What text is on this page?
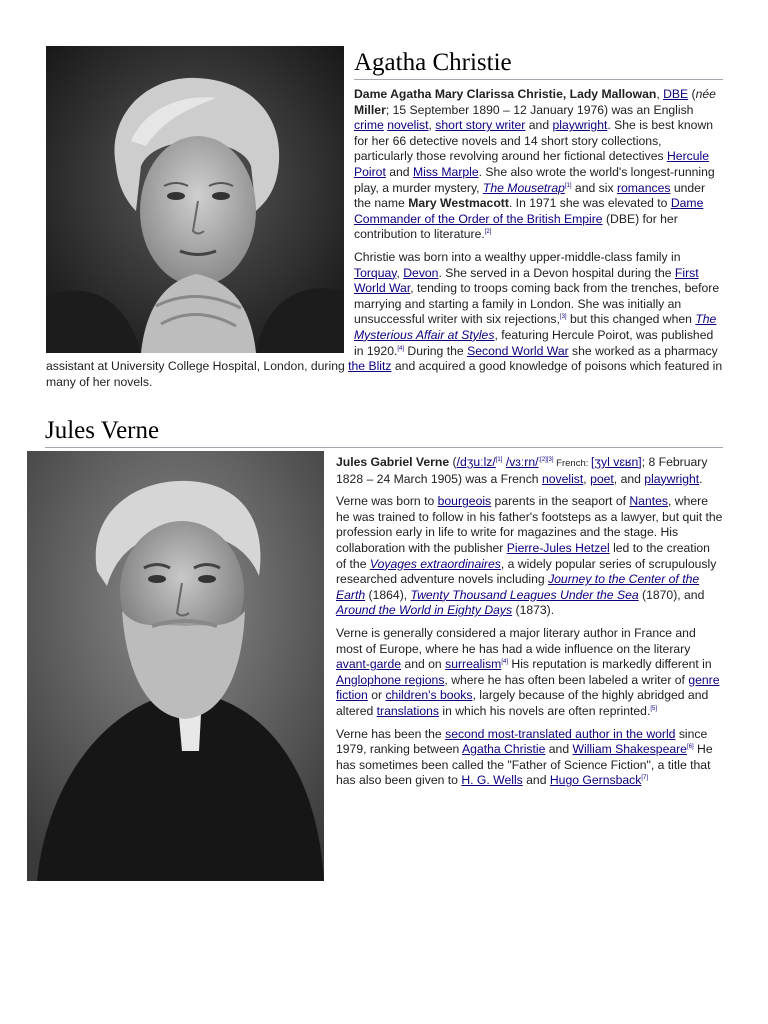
Agatha Christie

Dame Agatha Mary Clarissa Christie, Lady Mallowan, DBE (née Miller; 15 September 1890 – 12 January 1976) was an English crime novelist, short story writer and playwright. She is best known for her 66 detective novels and 14 short story collections, particularly those revolving around her fictional detectives Hercule Poirot and Miss Marple. She also wrote the world's longest-running play, a murder mystery, The Mousetrap[1] and six romances under the name Mary Westmacott. In 1971 she was elevated to Dame Commander of the Order of the British Empire (DBE) for her contribution to literature.[2]

Christie was born into a wealthy upper-middle-class family in Torquay, Devon. She served in a Devon hospital during the First World War, tending to troops coming back from the trenches, before marrying and starting a family in London. She was initially an unsuccessful writer with six rejections,[3] but this changed when The Mysterious Affair at Styles, featuring Hercule Poirot, was published in 1920.[4] During the Second World War she worked as a pharmacy assistant at University College Hospital, London, during the Blitz and acquired a good knowledge of poisons which featured in many of her novels.

Jules Verne

Jules Gabriel Verne (/dʒuːlz/[1] /vɜːrn/$^{;[2][3]}$ French: [ʒyl vɛʁn]; 8 February 1828 – 24 March 1905) was a French novelist, poet, and playwright.

Verne was born to bourgeois parents in the seaport of Nantes, where he was trained to follow in his father's footsteps as a lawyer, but quit the profession early in life to write for magazines and the stage. His collaboration with the publisher Pierre-Jules Hetzel led to the creation of the Voyages extraordinaires, a widely popular series of scrupulously researched adventure novels including Journey to the Center of the Earth (1864), Twenty Thousand Leagues Under the Sea (1870), and Around the World in Eighty Days (1873).

Verne is generally considered a major literary author in France and most of Europe, where he has had a wide influence on the literary avant-garde and on surrealism[4] His reputation is markedly different in Anglophone regions, where he has often been labeled a writer of genre fiction or children's books, largely because of the highly abridged and altered translations in which his novels are often reprinted.[5]

Verne has been the second most-translated author in the world since 1979, ranking between Agatha Christie and William Shakespeare[6] He has sometimes been called the "Father of Science Fiction", a title that has also been given to H. G. Wells and Hugo Gernsback[7]
